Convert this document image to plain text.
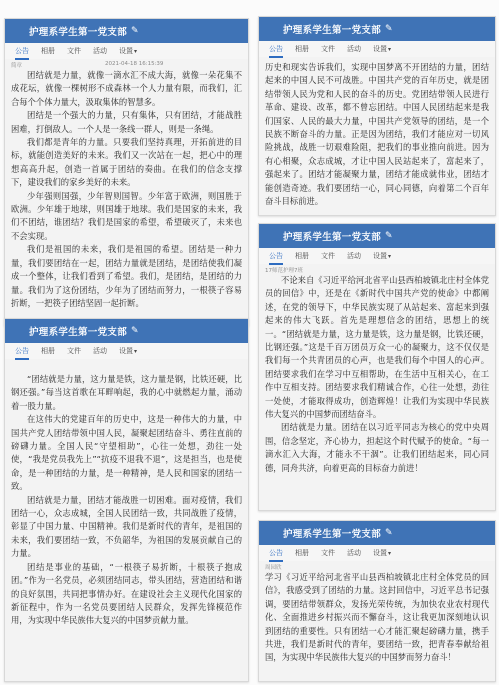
护理系学生第一党支部 ✎
公告 相册 文件 活动 设置▾
简章	2021-04-18 16:15:39

团结就是力量，就像一滴水汇不成大海，就像一朵花集不成花坛，就像一棵树形不成森林一个人力量有限，而我们，汇合每个个体力量大，汲取集体的智慧多。

团结是一个强大的力量，只有集体，只有团结，才能战胜困难，打倒敌人。一个人是一条线一群人，则是一条绳。

我们都是青年的力量。只要我们坚持真理，开拓前进的目标，就能创造美好的未来。我们又一次站在一起，把心中的理想高高升起，创造一首属于团结的奏曲。在我们的信念支撑下，建设我们的家乡美好的未来。

少年强则国强，少年智则国智。少年富于欧洲，则国胜于欧洲。少年雄于地球，则国雄于地球。我们是国家的未来，我们不团结，谁团结？我们是国家的希望，希望破灭了，未来也不会实现。

我们是祖国的未来，我们是祖国的希望。团结是一种力量，我们要团结在一起，团结力量就是团结，是团结使我们凝成一个整体，让我们看到了希望。我们，是团结，是团结的力量。我们为了这份团结，少年为了团结而努力，一根筷子容易折断，一把筷子团结坚固一起折断。

护理系学生第一党支部 ✎
公告 相册 文件 活动 设置▾

历史和现实告诉我们，实现中国梦离不开团结的力量，团结起来的中国人民不可战胜。中国共产党的百年历史，就是团结带领人民为党和人民的奋斗的历史。党团结带领人民进行革命、建设、改革，都不曾忘团结。中国人民团结起来是我们国家、人民的最大力量，中国共产党领导的团结，是一个民族不断奋斗的力量。正是因为团结，我们才能应对一切风险挑战，战胜一切艰难险阻，把我们的事业推向前进。因为有心相聚，众志成城，才让中国人民站起来了，富起来了，强起来了。团结才能凝聚力量，团结才能成就伟业，团结才能创造奇迹。我们要团结一心，同心同德，向着第二个百年奋斗目标前进。

护理系学生第一党支部 ✎
公告 相册 文件 活动 设置▾
17师范护理7班

不论来自《习近平给河北省平山县西柏坡镇北庄村全体党员的回信》中，还是在《新时代中国共产党的使命》中都阐述，在党的领导下，中华民族实现了从站起来、富起来到强起来的伟大飞跃。首先是理想信念的团结，思想上的统一。“团结就是力量，这力量是铁，这力量是钢，比铁还硬，比钢还强。”这是千百万团员万众一心的凝聚力，这不仅仅是我们每一个共青团员的心声，也是我们每个中国人的心声。团结要求我们在学习中互相帮助，在生活中互相关心，在工作中互相支持。团结要求我们精诚合作，心往一处想，劲往一处使，才能取得成功，创造辉煌！让我们为实现中华民族伟大复兴的中国梦而团结奋斗。

团结就是力量。团结在以习近平同志为核心的党中央周围，信念坚定，齐心协力，担起这个时代赋予的使命。“每一滴水汇入大海，才能永不干涸”。让我们团结起来，同心同德，同舟共济，向着更高的目标奋力前进！

护理系学生第一党支部 ✎
公告 相册 文件 活动 设置▾

“团结就是力量，这力量是铁，这力量是钢，比铁还硬，比钢还强。”每当这首歌在耳畔响起，我的心中就燃起力量，涌动着一股力量。

在这伟大的党建百年的历史中，这是一种伟大的力量，中国共产党人团结带领中国人民，凝聚起团结奋斗、勇往直前的磅礴力量。全国人民“守望相助”，心往一处想，劲往一处使，“我是党员我先上”“抗疫不退我不退”，这是担当，也是使命，是一种团结的力量，是一种精神，是人民和国家的团结一致。

团结就是力量，团结才能战胜一切困难。面对疫情，我们团结一心，众志成城，全国人民团结一致，共同战胜了疫情，彰显了中国力量、中国精神。我们是新时代的青年，是祖国的未来，我们要团结一致，不负韶华，为祖国的发展贡献自己的力量。

团结是事业的基础，“一根筷子易折断，十根筷子抱成团。”作为一名党员，必须团结同志，带头团结，营造团结和谐的良好氛围，共同把事情办好。在建设社会主义现代化国家的新征程中，作为一名党员要团结人民群众，发挥先锋模范作用，为实现中华民族伟大复兴的中国梦贡献力量。

护理系学生第一党支部 ✎
公告 相册 文件 活动 设置▾
周园欣

学习《习近平给河北省平山县西柏坡镇北庄村全体党员的回信》，我感受到了团结的力量。这封回信中，习近平总书记强调，要团结带领群众，发扬光荣传统，为加快农业农村现代化、全面推进乡村振兴而不懈奋斗，这让我更加深刻地认识到团结的重要性。只有团结一心才能汇聚起磅礴力量，携手共进，我们是新时代的青年，要团结一致，把青春奉献给祖国，为实现中华民族伟大复兴的中国梦而努力奋斗！
